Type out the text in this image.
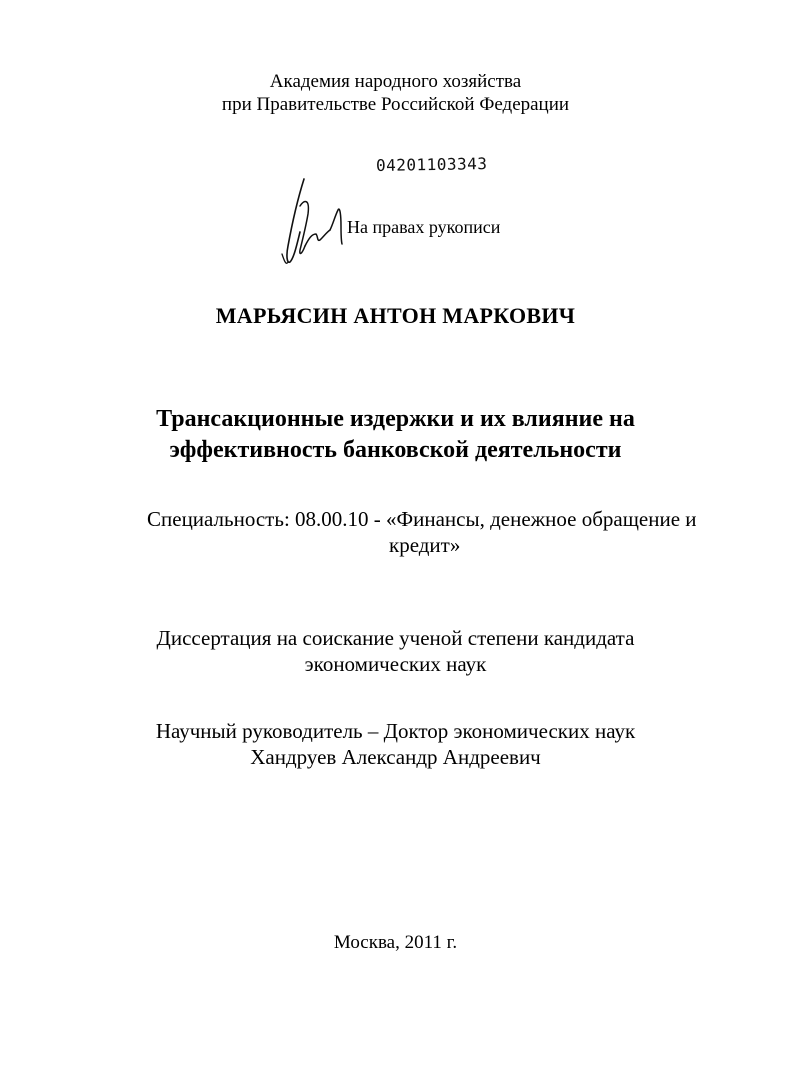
Академия народного хозяйства
при Правительстве Российской Федерации
04201103343
На правах рукописи
МАРЬЯСИН АНТОН МАРКОВИЧ
Трансакционные издержки и их влияние на
эффективность банковской деятельности
Специальность: 08.00.10 - «Финансы, денежное обращение и
кредит»
Диссертация на соискание ученой степени кандидата
экономических наук
Научный руководитель – Доктор экономических наук
Хандруев Александр Андреевич
Москва, 2011 г.
